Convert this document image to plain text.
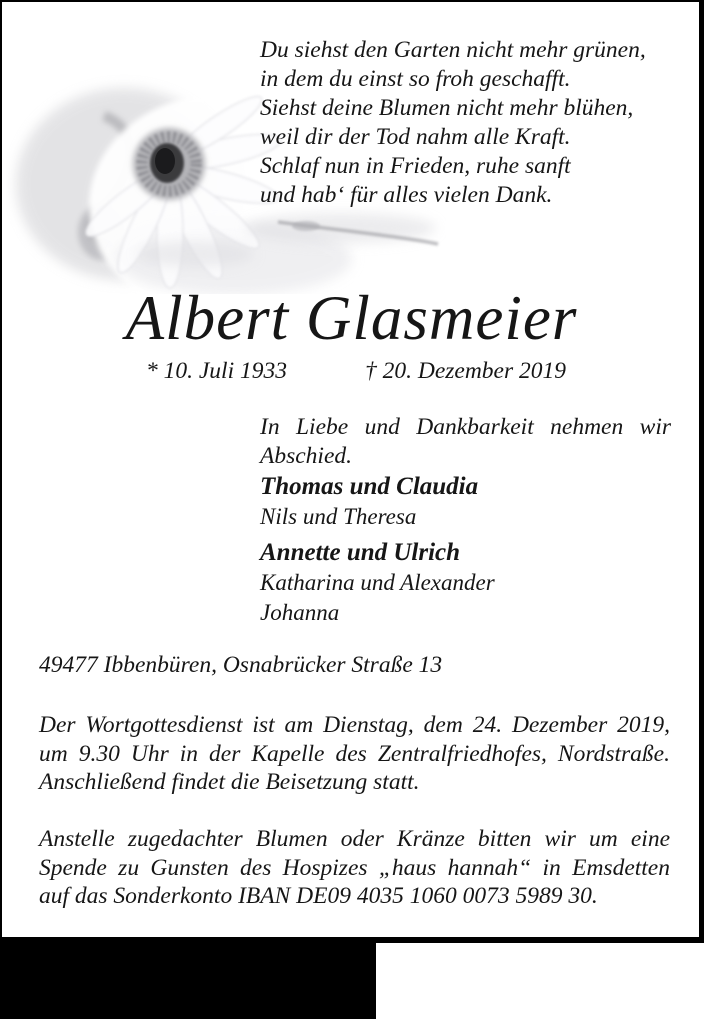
Du siehst den Garten nicht mehr grünen,
in dem du einst so froh geschafft.
Siehst deine Blumen nicht mehr blühen,
weil dir der Tod nahm alle Kraft.
Schlaf nun in Frieden, ruhe sanft
und hab‘ für alles vielen Dank.
Albert Glasmeier
* 10. Juli 1933	† 20. Dezember 2019
In Liebe und Dankbarkeit nehmen wir
Abschied.
Thomas und Claudia
Nils und Theresa
Annette und Ulrich
Katharina und Alexander
Johanna
49477 Ibbenbüren, Osnabrücker Straße 13
Der Wortgottesdienst ist am Dienstag, dem 24. Dezember 2019,
um 9.30 Uhr in der Kapelle des Zentralfriedhofes, Nordstraße.
Anschließend findet die Beisetzung statt.
Anstelle zugedachter Blumen oder Kränze bitten wir um eine
Spende zu Gunsten des Hospizes „haus hannah“ in Emsdetten
auf das Sonderkonto IBAN DE09 4035 1060 0073 5989 30.
